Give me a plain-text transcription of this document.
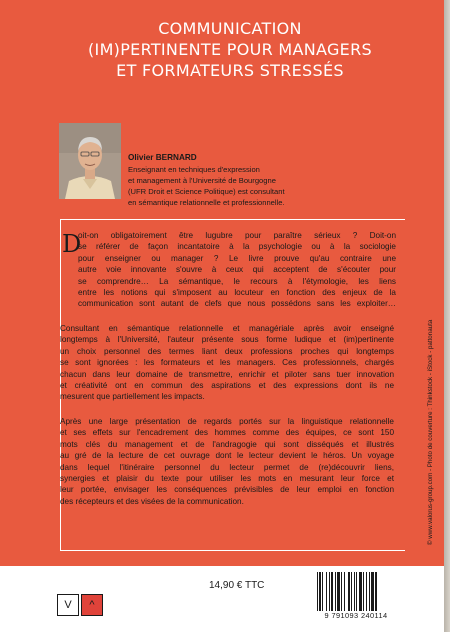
COMMUNICATION
(IM)PERTINENTE POUR MANAGERS
ET FORMATEURS STRESSÉS

Olivier BERNARD

Enseignant en techniques d'expression
et management à l'Université de Bourgogne
(UFR Droit et Science Politique) est consultant
en sémantique relationnelle et professionnelle.

D

oit-on obligatoirement être lugubre pour paraître sérieux ? Doit-on
se référer de façon incantatoire à la psychologie ou à la sociologie
pour enseigner ou manager ? Le livre prouve qu'au contraire une
autre voie innovante s'ouvre à ceux qui acceptent de s'écouter pour
se comprendre… La sémantique, le recours à l'étymologie, les liens
entre les notions qui s'imposent au locuteur en fonction des enjeux de la
communication sont autant de clefs que nous possédons sans les exploiter…

Consultant en sémantique relationnelle et managériale après avoir enseigné
longtemps à l'Université, l'auteur présente sous forme ludique et (im)pertinente
un choix personnel des termes liant deux professions proches qui longtemps
se sont ignorées : les formateurs et les managers. Ces professionnels, chargés
chacun dans leur domaine de transmettre, enrichir et piloter sans tuer innovation
et créativité ont en commun des aspirations et des expressions dont ils ne
mesurent que partiellement les impacts.

Après une large présentation de regards portés sur la linguistique relationnelle
et ses effets sur l'encadrement des hommes comme des équipes, ce sont 150
mots clés du management et de l'andragogie qui sont disséqués et illustrés
au gré de la lecture de cet ouvrage dont le lecteur devient le héros. Un voyage
dans lequel l'itinéraire personnel du lecteur permet de (re)découvrir liens,
synergies et plaisir du texte pour utiliser les mots en mesurant leur force et
leur portée, envisager les conséquences prévisibles de leur emploi en fonction
des récepteurs et des visées de la communication.	© www.valorus-group.com - Photo de couverture : Thinkstock - iStock - pattonauta

14,90 € TTC

V	^
9 791093 240114
